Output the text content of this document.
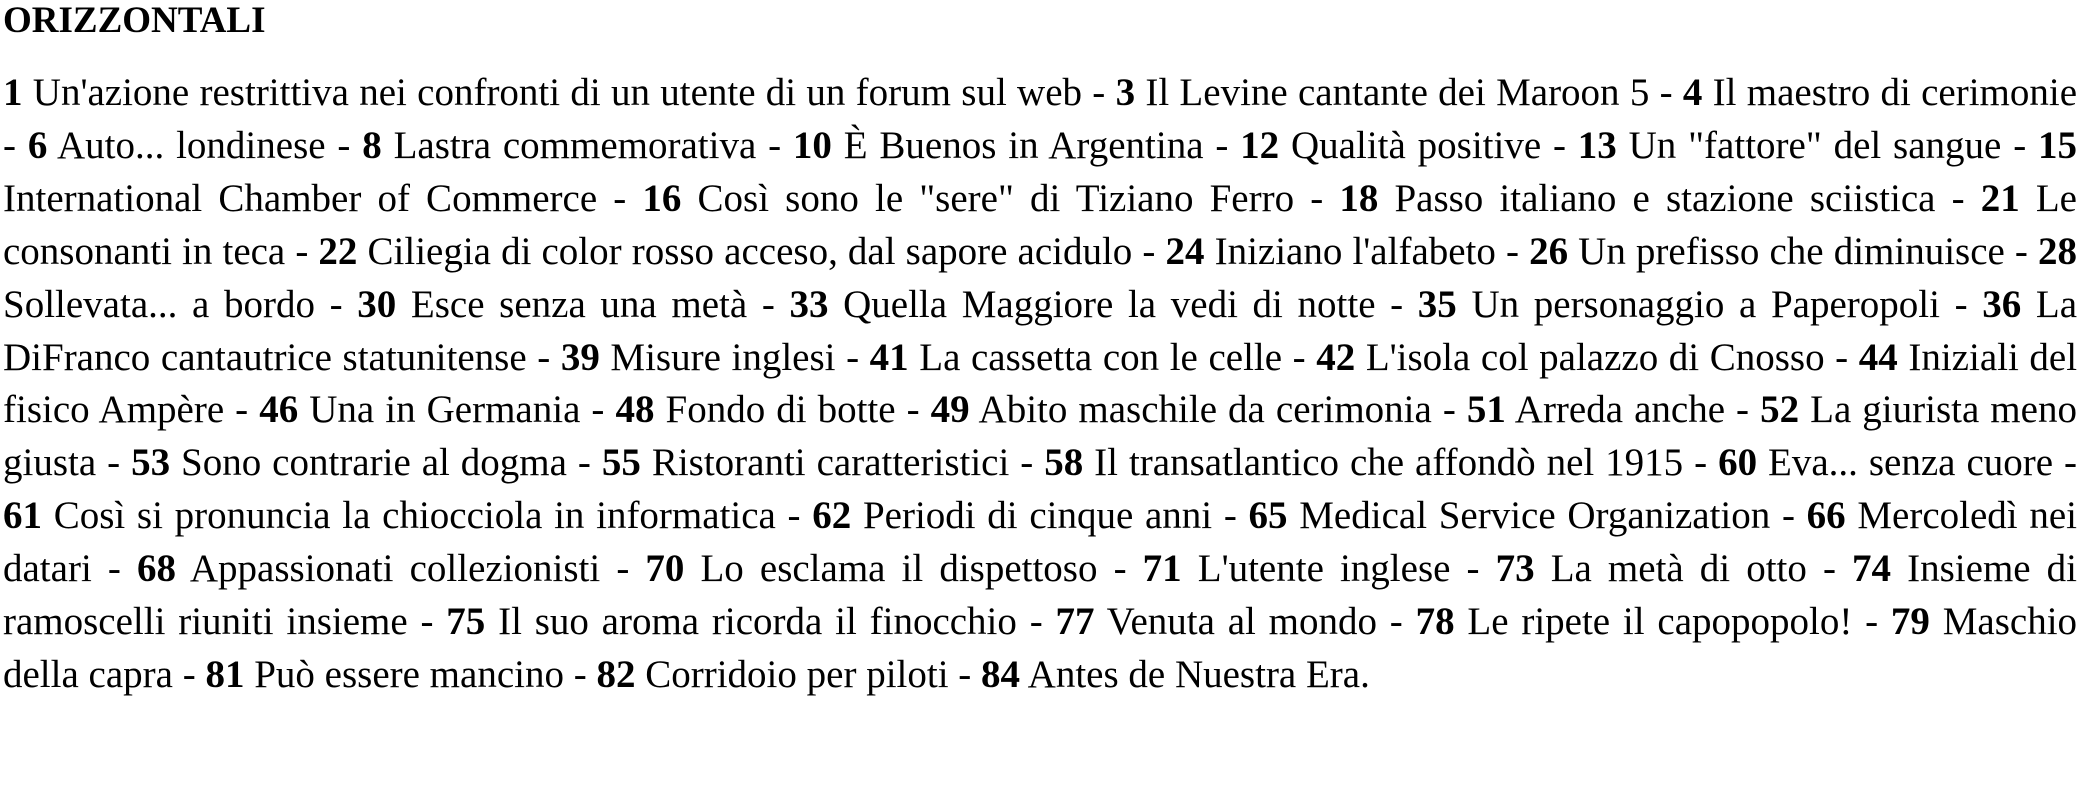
ORIZZONTALI

1 Un'azione restrittiva nei confronti di un utente di un forum sul web - 3 Il Levine cantante dei Maroon 5 - 4 Il maestro di cerimonie - 6 Auto... londinese - 8 Lastra commemorativa - 10 È Buenos in Argentina - 12 Qualità positive - 13 Un "fattore" del sangue - 15 International Chamber of Commerce - 16 Così sono le "sere" di Tiziano Ferro - 18 Passo italiano e stazione sciistica - 21 Le consonanti in teca - 22 Ciliegia di color rosso acceso, dal sapore acidulo - 24 Iniziano l'alfabeto - 26 Un prefisso che diminuisce - 28 Sollevata... a bordo - 30 Esce senza una metà - 33 Quella Maggiore la vedi di notte - 35 Un personaggio a Paperopoli - 36 La DiFranco cantautrice statunitense - 39 Misure inglesi - 41 La cassetta con le celle - 42 L'isola col palazzo di Cnosso - 44 Iniziali del fisico Ampère - 46 Una in Germania - 48 Fondo di botte - 49 Abito maschile da cerimonia - 51 Arreda anche - 52 La giurista meno giusta - 53 Sono contrarie al dogma - 55 Ristoranti caratteristici - 58 Il transatlantico che affondò nel 1915 - 60 Eva... senza cuore - 61 Così si pronuncia la chiocciola in informatica - 62 Periodi di cinque anni - 65 Medical Service Organization - 66 Mercoledì nei datari - 68 Appassionati collezionisti - 70 Lo esclama il dispettoso - 71 L'utente inglese - 73 La metà di otto - 74 Insieme di ramoscelli riuniti insieme - 75 Il suo aroma ricorda il finocchio - 77 Venuta al mondo - 78 Le ripete il capopopolo! - 79 Maschio della capra - 81 Può essere mancino - 82 Corridoio per piloti - 84 Antes de Nuestra Era.
